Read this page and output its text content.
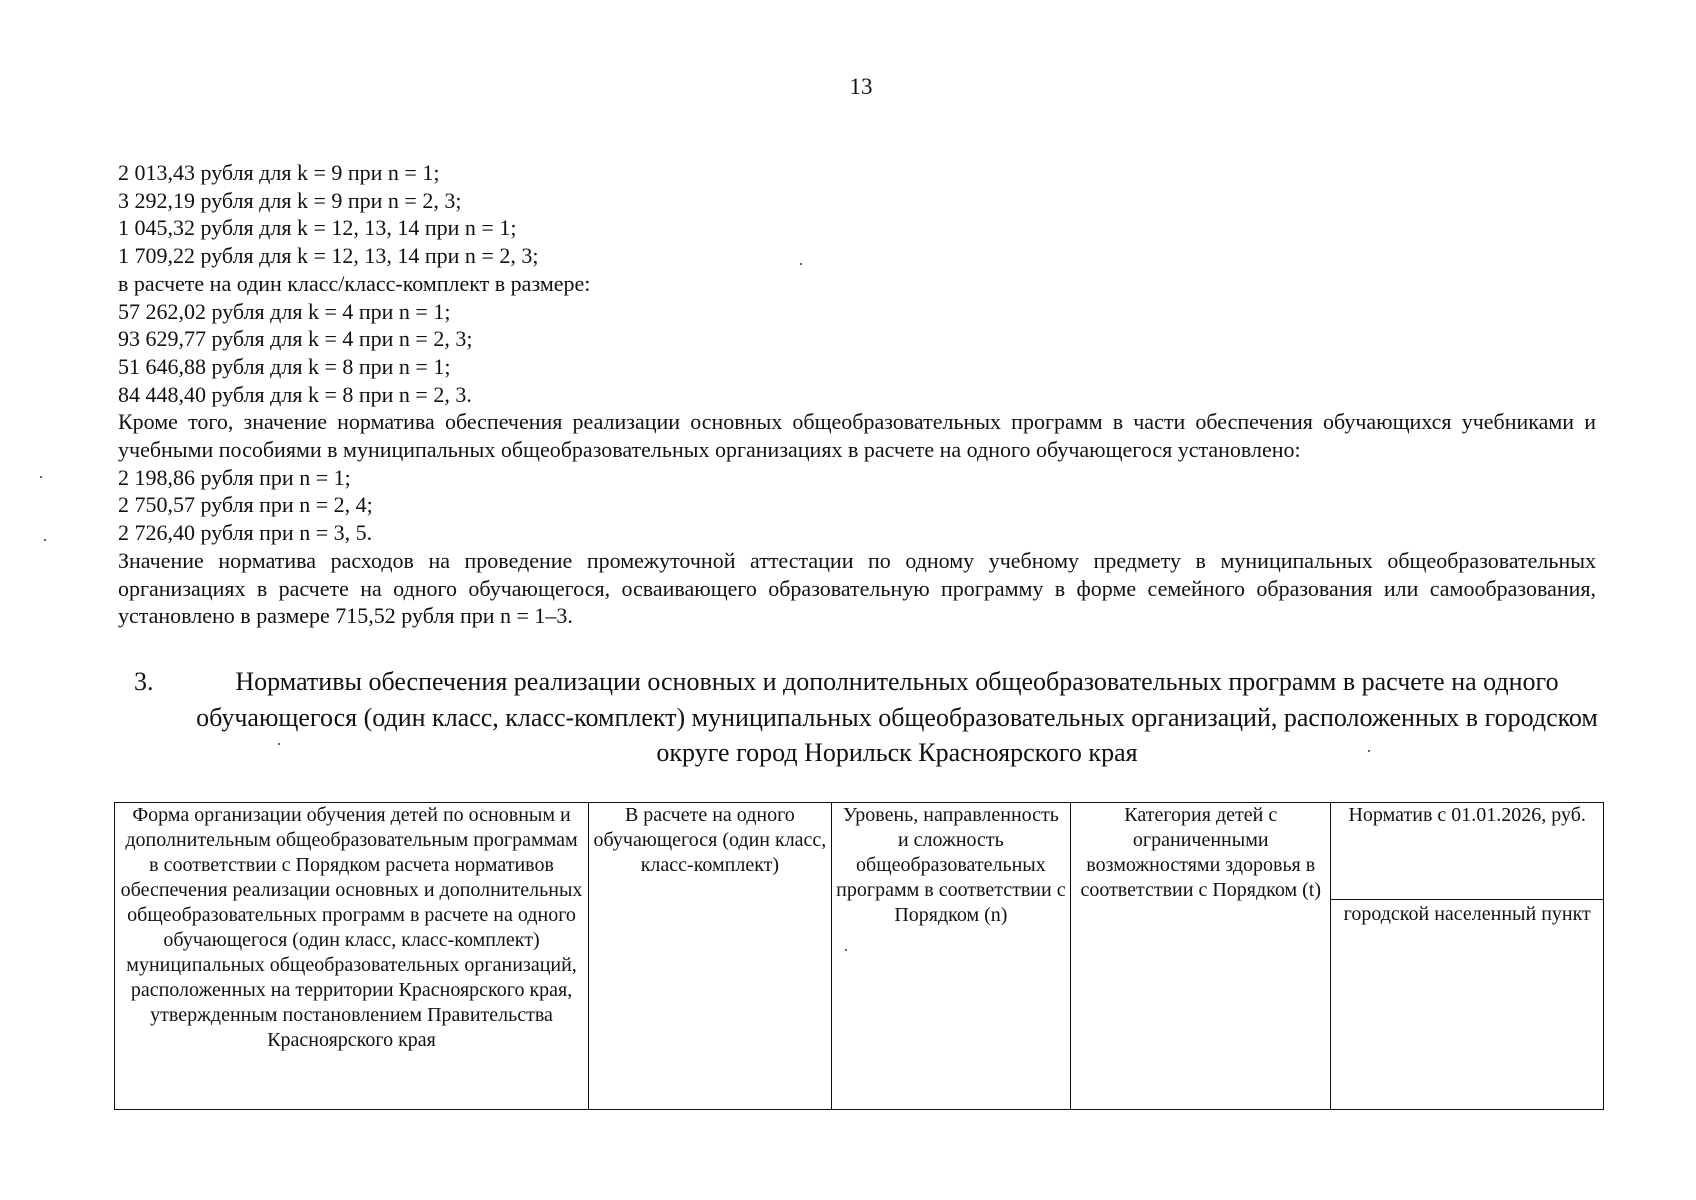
13
2 013,43 рубля для k = 9 при n = 1;
3 292,19 рубля для k = 9 при n = 2, 3;
1 045,32 рубля для k = 12, 13, 14 при n = 1;
1 709,22 рубля для k = 12, 13, 14 при n = 2, 3;
в расчете на один класс/класс-комплект в размере:
57 262,02 рубля для k = 4 при n = 1;
93 629,77 рубля для k = 4 при n = 2, 3;
51 646,88 рубля для k = 8 при n = 1;
84 448,40 рубля для k = 8 при n = 2, 3.
Кроме того, значение норматива обеспечения реализации основных общеобразовательных программ в части обеспечения обучающихся учебниками и учебными пособиями в муниципальных общеобразовательных организациях в расчете на одного обучающегося установлено:
2 198,86 рубля при n = 1;
2 750,57 рубля при n = 2, 4;
2 726,40 рубля при n = 3, 5.
Значение норматива расходов на проведение промежуточной аттестации по одному учебному предмету в муниципальных общеобразовательных организациях в расчете на одного обучающегося, осваивающего образовательную программу в форме семейного образования или самообразования, установлено в размере 715,52 рубля при n = 1–3.
3.	Нормативы обеспечения реализации основных и дополнительных общеобразовательных программ в расчете на одного обучающегося (один класс, класс-комплект) муниципальных общеобразовательных организаций, расположенных в городском округе город Норильск Красноярского края
Форма организации обучения детей по основным и дополнительным общеобразовательным программам в соответствии с Порядком расчета нормативов обеспечения реализации основных и дополнительных общеобразовательных программ в расчете на одного обучающегося (один класс, класс-комплект) муниципальных общеобразовательных организаций, расположенных на территории Красноярского края, утвержденным постановлением Правительства Красноярского края	В расчете на одного обучающегося (один класс, класс-комплект)	Уровень, направленность и сложность общеобразовательных программ в соответствии с Порядком (n)	Категория детей с ограниченными возможностями здоровья в соответствии с Порядком (t)	Норматив с 01.01.2026, руб.
городской населенный пункт
